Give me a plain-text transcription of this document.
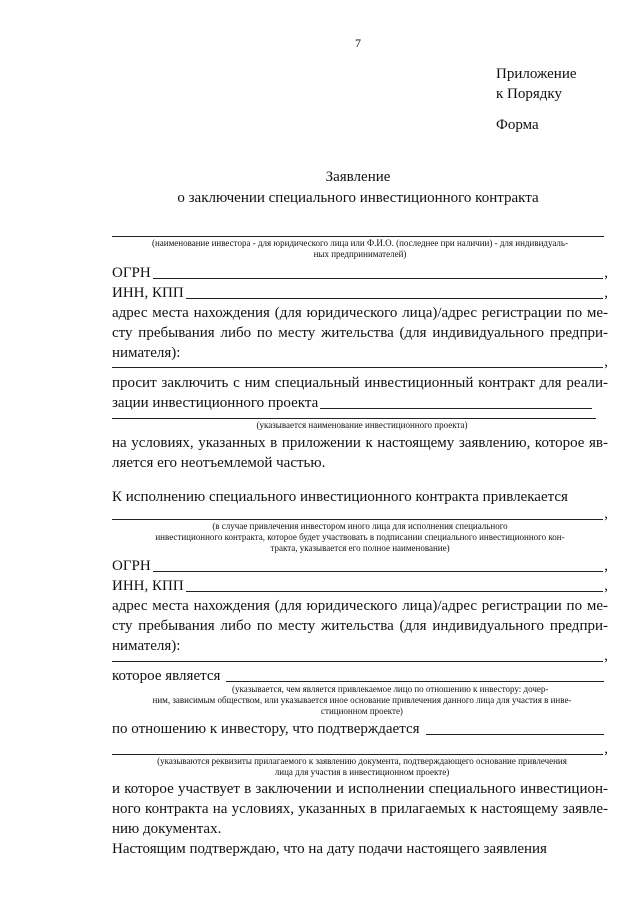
7
Приложение
к Порядку
Форма
Заявление
о заключении специального инвестиционного контракта
(наименование инвестора - для юридического лица или Ф.И.О. (последнее при наличии) - для индивидуаль-
ных предпринимателей)
ОГРН	,
ИНН, КПП	,
адрес места нахождения (для юридического лица)/адрес регистрации по ме-
сту пребывания либо по месту жительства (для индивидуального предпри-
нимателя):
,
просит заключить с ним специальный инвестиционный контракт для реали-
зации инвестиционного проекта
(указывается наименование инвестиционного проекта)
на условиях, указанных в приложении к настоящему заявлению, которое яв-
ляется его неотъемлемой частью.
К исполнению специального инвестиционного контракта привлекается
,
(в случае привлечения инвестором иного лица для исполнения специального
инвестиционного контракта, которое будет участвовать в подписании специального инвестиционного кон-
тракта, указывается его полное наименование)
ОГРН	,
ИНН, КПП	,
адрес места нахождения (для юридического лица)/адрес регистрации по ме-
сту пребывания либо по месту жительства (для индивидуального предпри-
нимателя):
,
которое является
(указывается, чем является привлекаемое лицо по отношению к инвестору: дочер-
ним, зависимым обществом, или указывается иное основание привлечения данного лица для участия в инве-
стиционном проекте)
по отношению к инвестору, что подтверждается
,
(указываются реквизиты прилагаемого к заявлению документа, подтверждающего основание привлечения
лица для участия в инвестиционном проекте)
и которое участвует в заключении и исполнении специального инвестицион-
ного контракта на условиях, указанных в прилагаемых к настоящему заявле-
нию документах.
Настоящим подтверждаю, что на дату подачи настоящего заявления
